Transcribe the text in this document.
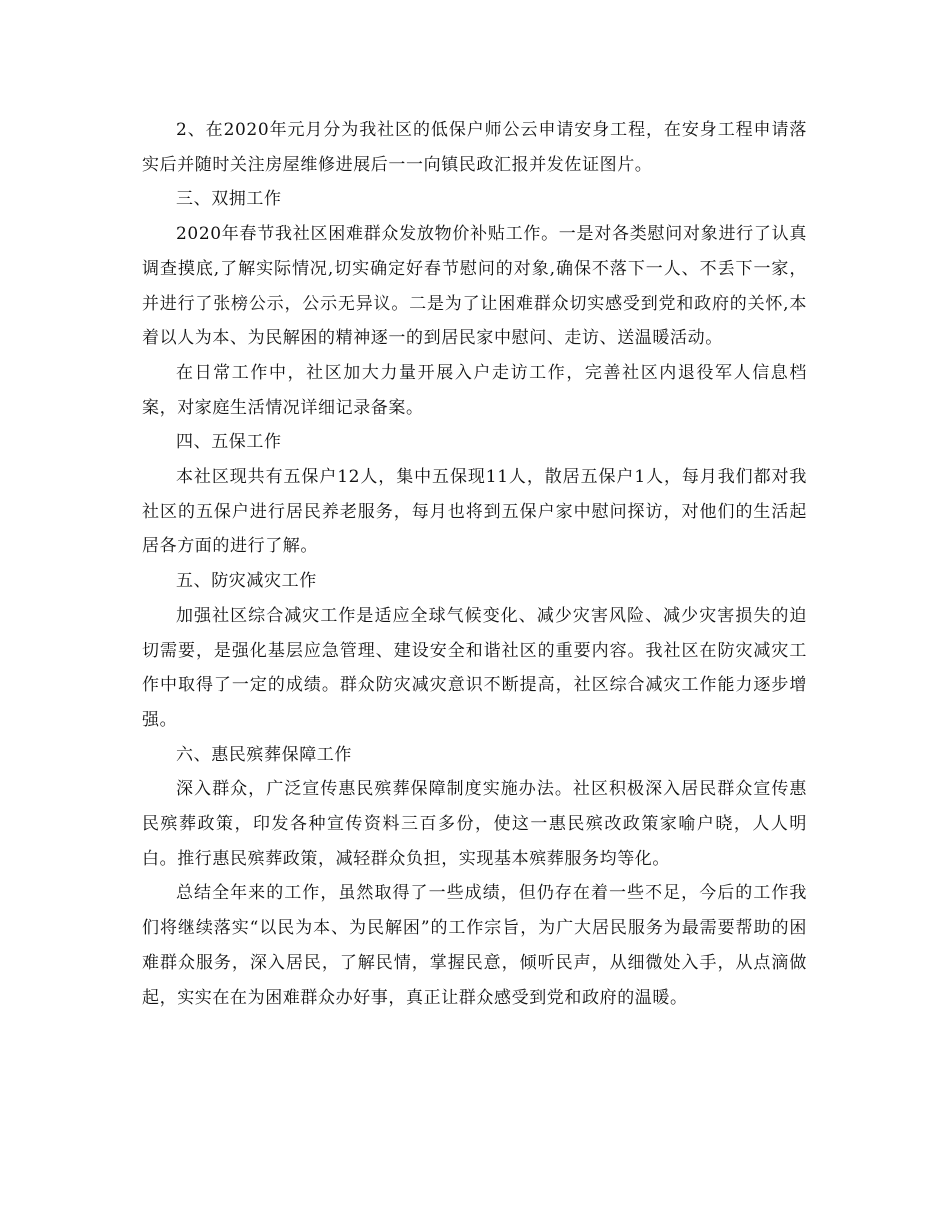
2、在2020年元月分为我社区的低保户师公云申请安身工程，在安身工程申请落实后并随时关注房屋维修进展后一一向镇民政汇报并发佐证图片。

三、双拥工作

2020年春节我社区困难群众发放物价补贴工作。一是对各类慰问对象进行了认真调查摸底,了解实际情况,切实确定好春节慰问的对象,确保不落下一人、不丢下一家，并进行了张榜公示，公示无异议。二是为了让困难群众切实感受到党和政府的关怀,本着以人为本、为民解困的精神逐一的到居民家中慰问、走访、送温暖活动。

在日常工作中，社区加大力量开展入户走访工作，完善社区内退役军人信息档案，对家庭生活情况详细记录备案。

四、五保工作

本社区现共有五保户12人，集中五保现11人，散居五保户1人，每月我们都对我社区的五保户进行居民养老服务，每月也将到五保户家中慰问探访，对他们的生活起居各方面的进行了解。

五、防灾减灾工作

加强社区综合减灾工作是适应全球气候变化、减少灾害风险、减少灾害损失的迫切需要，是强化基层应急管理、建设安全和谐社区的重要内容。我社区在防灾减灾工作中取得了一定的成绩。群众防灾减灾意识不断提高，社区综合减灾工作能力逐步增强。

六、惠民殡葬保障工作

深入群众，广泛宣传惠民殡葬保障制度实施办法。社区积极深入居民群众宣传惠民殡葬政策，印发各种宣传资料三百多份，使这一惠民殡改政策家喻户晓，人人明白。推行惠民殡葬政策，减轻群众负担，实现基本殡葬服务均等化。

总结全年来的工作，虽然取得了一些成绩，但仍存在着一些不足，今后的工作我们将继续落实“以民为本、为民解困”的工作宗旨，为广大居民服务为最需要帮助的困难群众服务，深入居民，了解民情，掌握民意，倾听民声，从细微处入手，从点滴做起，实实在在为困难群众办好事，真正让群众感受到党和政府的温暖。
